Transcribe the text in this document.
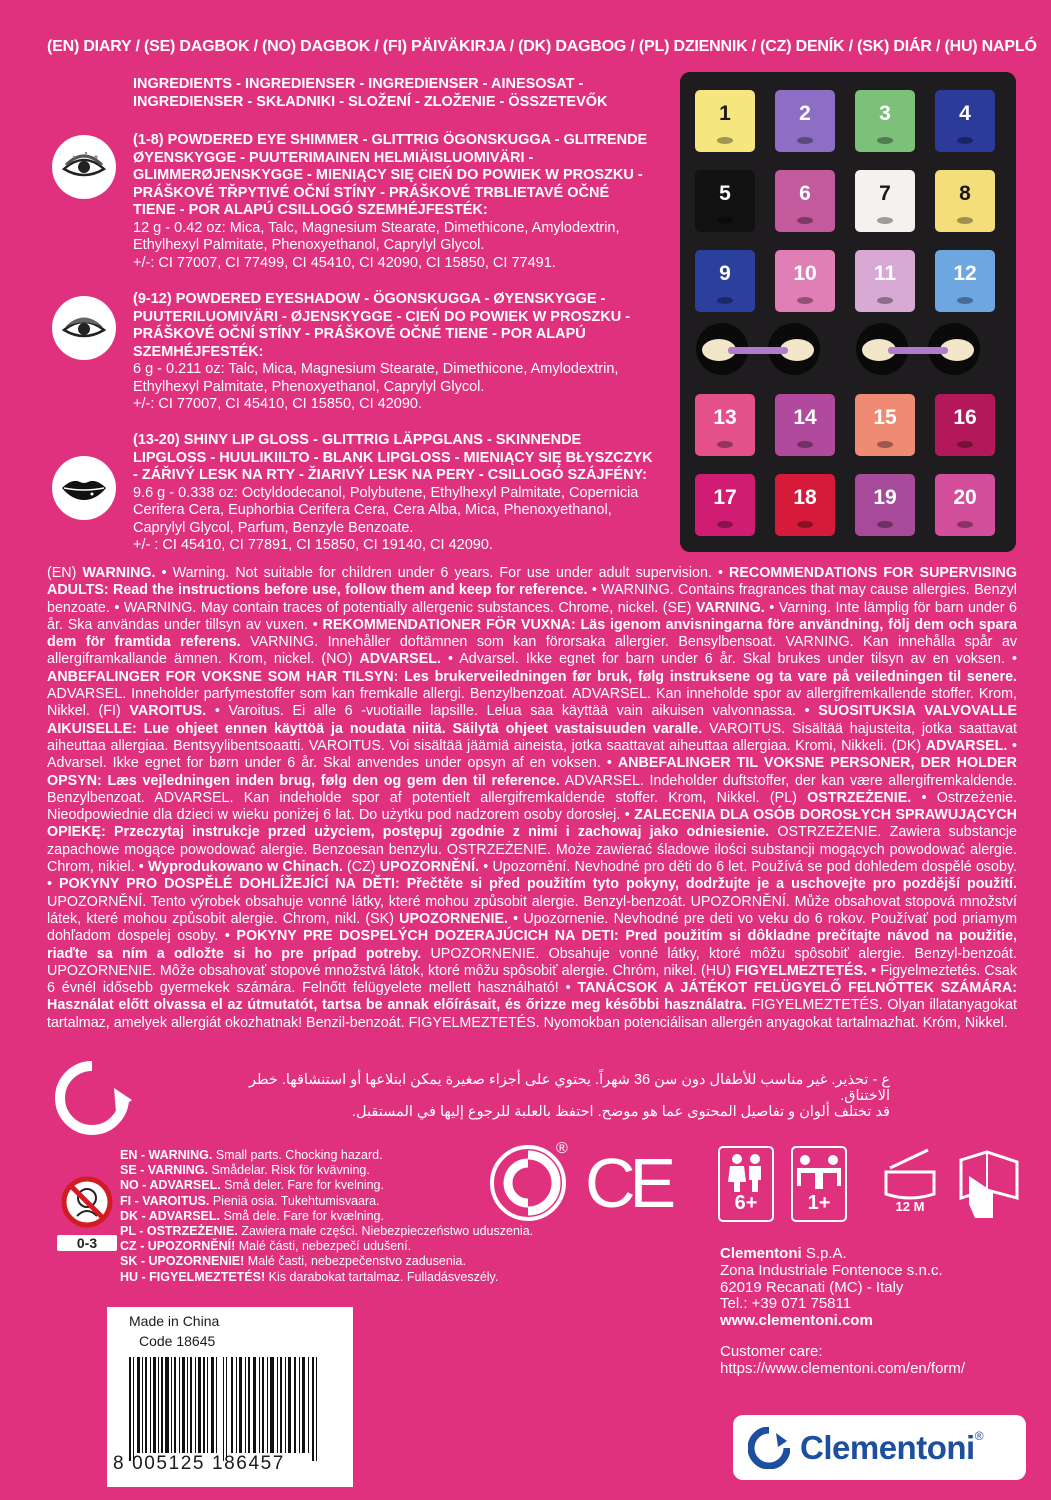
(EN) DIARY / (SE) DAGBOK / (NO) DAGBOK / (FI) PÄIVÄKIRJA / (DK) DAGBOG / (PL) DZIENNIK / (CZ) DENÍK / (SK) DIÁR / (HU) NAPLÓ
INGREDIENTS - INGREDIENSER - INGREDIENSER - AINESOSAT - INGREDIENSER - SKŁADNIKI - SLOŽENÍ - ZLOŽENIE - ÖSSZETEVŐK
(1-8) POWDERED EYE SHIMMER - GLITTRIG ÖGONSKUGGA - GLITRENDE ØYENSKYGGE - PUUTERIMAINEN HELMIÄISLUOMIVÄRI - GLIMMERØJENSKYGGE - MIENIĄCY SIĘ CIEŃ DO POWIEK W PROSZKU - PRÁŠKOVÉ TŘPYTIVÉ OČNÍ STÍNY - PRÁŠKOVÉ TRBLIETAVÉ OČNÉ TIENE - POR ALAPÚ CSILLOGÓ SZEMHÉJFESTÉK:
12 g - 0.42 oz: Mica, Talc, Magnesium Stearate, Dimethicone, Amylodextrin, Ethylhexyl Palmitate, Phenoxyethanol, Caprylyl Glycol.
+/-: CI 77007, CI 77499, CI 45410, CI 42090, CI 15850, CI 77491.
(9-12) POWDERED EYESHADOW - ÖGONSKUGGA - ØYENSKYGGE - PUUTERILUOMIVÄRI - ØJENSKYGGE - CIEŃ DO POWIEK W PROSZKU - PRÁŠKOVÉ OČNÍ STÍNY - PRÁŠKOVÉ OČNÉ TIENE - POR ALAPÚ SZEMHÉJFESTÉK:
6 g - 0.211 oz: Talc, Mica, Magnesium Stearate, Dimethicone, Amylodextrin, Ethylhexyl Palmitate, Phenoxyethanol, Caprylyl Glycol.
+/-: CI 77007, CI 45410, CI 15850, CI 42090.
(13-20) SHINY LIP GLOSS - GLITTRIG LÄPPGLANS - SKINNENDE LIPGLOSS - HUULIKIILTO - BLANK LIPGLOSS - MIENIĄCY SIĘ BŁYSZCZYK - ZÁŘIVÝ LESK NA RTY - ŽIARIVÝ LESK NA PERY - CSILLOGÓ SZÁJFÉNY:
9.6 g - 0.338 oz: Octyldodecanol, Polybutene, Ethylhexyl Palmitate, Copernicia Cerifera Cera, Euphorbia Cerifera Cera, Cera Alba, Mica, Phenoxyethanol, Caprylyl Glycol, Parfum, Benzyle Benzoate.
+/- : CI 45410, CI 77891, CI 15850, CI 19140, CI 42090.
1	2	3	4
5	6	7	8
9	10	11	12
13	14	15	16
17	18	19	20
(EN) WARNING. • Warning. Not suitable for children under 6 years. For use under adult supervision. • RECOMMENDATIONS FOR SUPERVISING ADULTS: Read the instructions before use, follow them and keep for reference. • WARNING. Contains fragrances that may cause allergies. Benzyl benzoate. • WARNING. May contain traces of potentially allergenic substances. Chrome, nickel. (SE) VARNING. • Varning. Inte lämplig för barn under 6 år. Ska användas under tillsyn av vuxen. • REKOMMENDATIONER FÖR VUXNA: Läs igenom anvisningarna före användning, följ dem och spara dem för framtida referens. VARNING. Innehåller doftämnen som kan förorsaka allergier. Bensylbensoat. VARNING. Kan innehålla spår av allergiframkallande ämnen. Krom, nickel. (NO) ADVARSEL. • Advarsel. Ikke egnet for barn under 6 år. Skal brukes under tilsyn av en voksen. • ANBEFALINGER FOR VOKSNE SOM HAR TILSYN: Les brukerveiledningen før bruk, følg instruksene og ta vare på veiledningen til senere. ADVARSEL. Inneholder parfymestoffer som kan fremkalle allergi. Benzylbenzoat. ADVARSEL. Kan inneholde spor av allergifremkallende stoffer. Krom, Nikkel. (FI) VAROITUS. • Varoitus. Ei alle 6 -vuotiaille lapsille. Lelua saa käyttää vain aikuisen valvonnassa. • SUOSITUKSIA VALVOVALLE AIKUISELLE: Lue ohjeet ennen käyttöä ja noudata niitä. Säilytä ohjeet vastaisuuden varalle. VAROITUS. Sisältää hajusteita, jotka saattavat aiheuttaa allergiaa. Bentsyylibentsoaatti. VAROITUS. Voi sisältää jäämiä aineista, jotka saattavat aiheuttaa allergiaa. Kromi, Nikkeli. (DK) ADVARSEL. • Advarsel. Ikke egnet for børn under 6 år. Skal anvendes under opsyn af en voksen. • ANBEFALINGER TIL VOKSNE PERSONER, DER HOLDER OPSYN: Læs vejledningen inden brug, følg den og gem den til reference. ADVARSEL. Indeholder duftstoffer, der kan være allergifremkaldende. Benzylbenzoat. ADVARSEL. Kan indeholde spor af potentielt allergifremkaldende stoffer. Krom, Nikkel. (PL) OSTRZEŻENIE. • Ostrzeżenie. Nieodpowiednie dla dzieci w wieku poniżej 6 lat. Do użytku pod nadzorem osoby dorosłej. • ZALECENIA DLA OSÓB DOROSŁYCH SPRAWUJĄCYCH OPIEKĘ: Przeczytaj instrukcje przed użyciem, postępuj zgodnie z nimi i zachowaj jako odniesienie. OSTRZEŻENIE. Zawiera substancje zapachowe mogące powodować alergie. Benzoesan benzylu. OSTRZEŻENIE. Może zawierać śladowe ilości substancji mogących powodować alergie. Chrom, nikiel. • Wyprodukowano w Chinach. (CZ) UPOZORNĚNÍ. • Upozornění. Nevhodné pro děti do 6 let. Používá se pod dohledem dospělé osoby. • POKYNY PRO DOSPĚLÉ DOHLÍŽEJÍCÍ NA DĚTI: Přečtěte si před použitím tyto pokyny, dodržujte je a uschovejte pro pozdější použití. UPOZORNĚNÍ. Tento výrobek obsahuje vonné látky, které mohou způsobit alergie. Benzyl-benzoát. UPOZORNĚNÍ. Může obsahovat stopová množství látek, které mohou způsobit alergie. Chrom, nikl. (SK) UPOZORNENIE. • Upozornenie. Nevhodné pre deti vo veku do 6 rokov. Používať pod priamym dohľadom dospelej osoby. • POKYNY PRE DOSPELÝCH DOZERAJÚCICH NA DETI: Pred použitím si dôkladne prečítajte návod na použitie, riaďte sa ním a odložte si ho pre prípad potreby. UPOZORNENIE. Obsahuje vonné látky, ktoré môžu spôsobiť alergie. Benzyl-benzoát. UPOZORNENIE. Môže obsahovať stopové množstvá látok, ktoré môžu spôsobiť alergie. Chróm, nikel. (HU) FIGYELMEZTETÉS. • Figyelmeztetés. Csak 6 évnél idősebb gyermekek számára. Felnőtt felügyelete mellett használható! • TANÁCSOK A JÁTÉKOT FELÜGYELŐ FELNŐTTEK SZÁMÁRA: Használat előtt olvassa el az útmutatót, tartsa be annak előírásait, és őrizze meg későbbi használatra. FIGYELMEZTETÉS. Olyan illatanyagokat tartalmaz, amelyek allergiát okozhatnak! Benzil-benzoát. FIGYELMEZTETÉS. Nyomokban potenciálisan allergén anyagokat tartalmazhat. Króm, Nikkel.
ع - تحذير. غير مناسب للأطفال دون سن 36 شهراً. يحتوي على أجزاء صغيرة يمكن ابتلاعها أو استنشاقها. خطر الاختناق.
قد تختلف ألوان و تفاصيل المحتوى عما هو موضح. احتفظ بالعلبة للرجوع إليها في المستقبل.
0-3
EN - WARNING. Small parts. Chocking hazard.
SE - VARNING. Smådelar. Risk för kvävning.
NO - ADVARSEL. Små deler. Fare for kvelning.
FI - VAROITUS. Pieniä osia. Tukehtumisvaara.
DK - ADVARSEL. Små dele. Fare for kvælning.
PL - OSTRZEŻENIE. Zawiera małe części. Niebezpieczeństwo uduszenia.
CZ - UPOZORNĚNÍ! Malé části, nebezpečí udušení.
SK - UPOZORNENIE! Malé časti, nebezpečenstvo zadusenia.
HU - FIGYELMEZTETÉS! Kis darabokat tartalmaz. Fulladásveszély.
® CE	6+	1+	12 M
Clementoni S.p.A.
Zona Industriale Fontenoce s.n.c.
62019 Recanati (MC) - Italy
Tel.: +39 071 75811
www.clementoni.com
Customer care:
https://www.clementoni.com/en/form/
Made in China
Code 18645
8 005125 186457	Clementoni ®
